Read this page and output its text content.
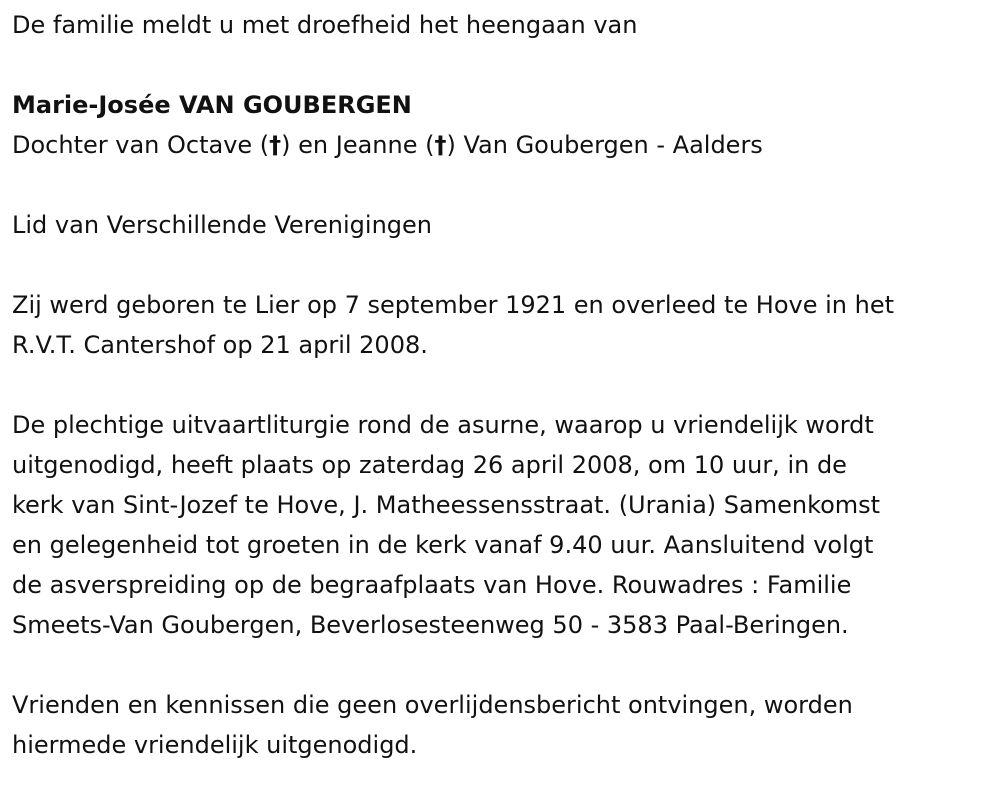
De familie meldt u met droefheid het heengaan van

Marie-Josée VAN GOUBERGEN

Dochter van Octave (†) en Jeanne (†) Van Goubergen - Aalders

Lid van Verschillende Verenigingen

Zij werd geboren te Lier op 7 september 1921 en overleed te Hove in het

R.V.T. Cantershof op 21 april 2008.

De plechtige uitvaartliturgie rond de asurne, waarop u vriendelijk wordt

uitgenodigd, heeft plaats op zaterdag 26 april 2008, om 10 uur, in de

kerk van Sint-Jozef te Hove, J. Matheessensstraat. (Urania) Samenkomst

en gelegenheid tot groeten in de kerk vanaf 9.40 uur. Aansluitend volgt

de asverspreiding op de begraafplaats van Hove. Rouwadres : Familie

Smeets-Van Goubergen, Beverlosesteenweg 50 - 3583 Paal-Beringen.

Vrienden en kennissen die geen overlijdensbericht ontvingen, worden

hiermede vriendelijk uitgenodigd.
